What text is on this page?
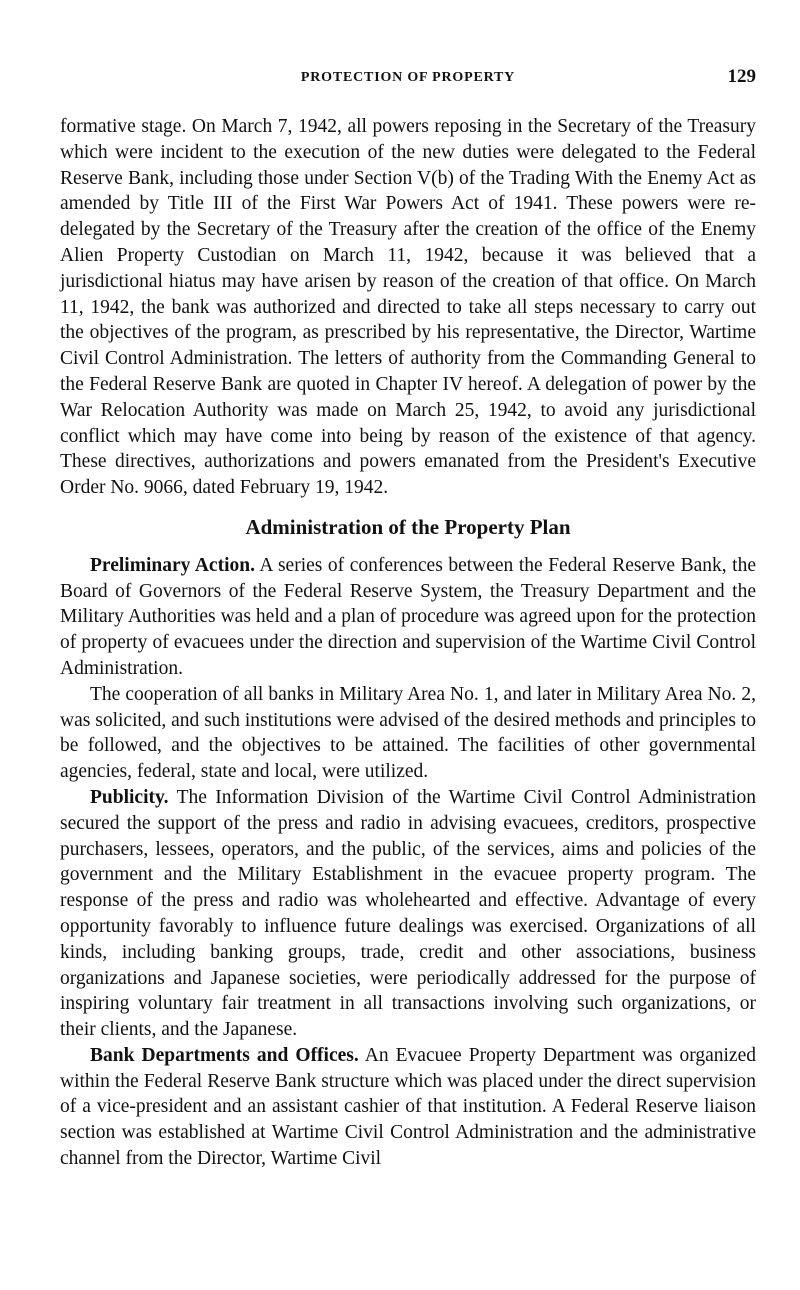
PROTECTION OF PROPERTY	129

formative stage. On March 7, 1942, all powers reposing in the Secretary of the Treasury which were incident to the execution of the new duties were delegated to the Federal Reserve Bank, including those under Section V(b) of the Trading With the Enemy Act as amended by Title III of the First War Powers Act of 1941. These powers were re-delegated by the Secretary of the Treasury after the creation of the office of the Enemy Alien Property Custodian on March 11, 1942, because it was believed that a jurisdictional hiatus may have arisen by reason of the creation of that office. On March 11, 1942, the bank was authorized and directed to take all steps necessary to carry out the objectives of the program, as prescribed by his representative, the Director, Wartime Civil Control Administration. The letters of authority from the Commanding General to the Federal Reserve Bank are quoted in Chapter IV hereof. A delegation of power by the War Relocation Authority was made on March 25, 1942, to avoid any jurisdictional conflict which may have come into being by reason of the existence of that agency. These directives, authorizations and powers emanated from the President's Executive Order No. 9066, dated February 19, 1942.

Administration of the Property Plan

Preliminary Action. A series of conferences between the Federal Reserve Bank, the Board of Governors of the Federal Reserve System, the Treasury Department and the Military Authorities was held and a plan of procedure was agreed upon for the protection of property of evacuees under the direction and supervision of the Wartime Civil Control Administration.

The cooperation of all banks in Military Area No. 1, and later in Military Area No. 2, was solicited, and such institutions were advised of the desired methods and principles to be followed, and the objectives to be attained. The facilities of other governmental agencies, federal, state and local, were utilized.

Publicity. The Information Division of the Wartime Civil Control Administration secured the support of the press and radio in advising evacuees, creditors, prospective purchasers, lessees, operators, and the public, of the services, aims and policies of the government and the Military Establishment in the evacuee property program. The response of the press and radio was wholehearted and effective. Advantage of every opportunity favorably to influence future dealings was exercised. Organizations of all kinds, including banking groups, trade, credit and other associations, business organizations and Japanese societies, were periodically addressed for the purpose of inspiring voluntary fair treatment in all transactions involving such organizations, or their clients, and the Japanese.

Bank Departments and Offices. An Evacuee Property Department was organized within the Federal Reserve Bank structure which was placed under the direct supervision of a vice-president and an assistant cashier of that institution. A Federal Reserve liaison section was established at Wartime Civil Control Administration and the administrative channel from the Director, Wartime Civil
